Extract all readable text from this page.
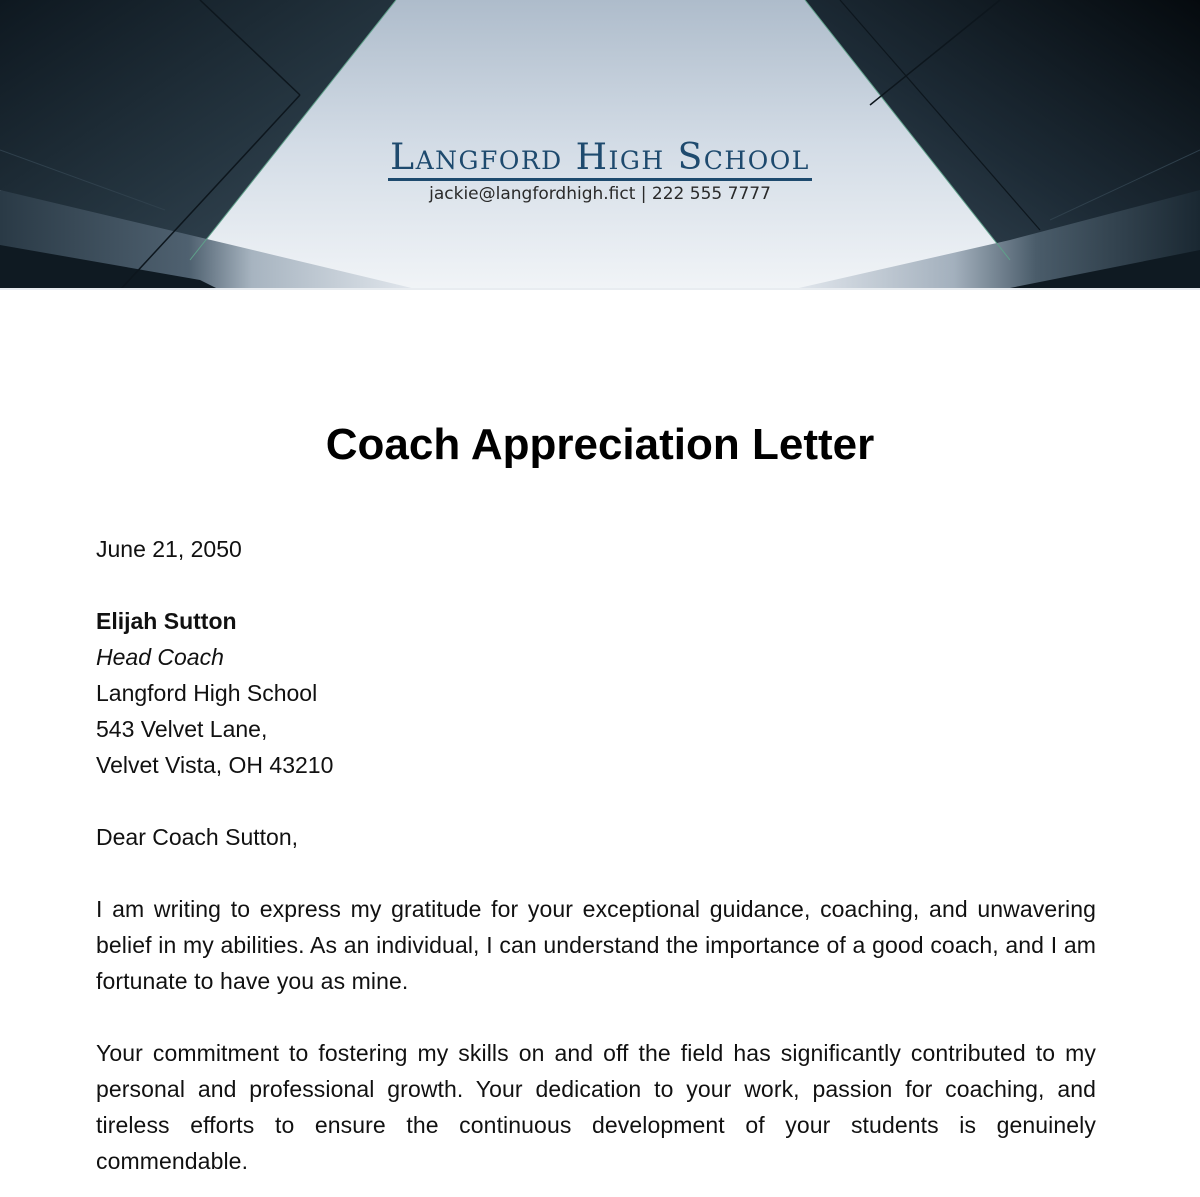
Langford High School
jackie@langfordhigh.fict | 222 555 7777
Coach Appreciation Letter

June 21, 2050

Elijah Sutton

Head Coach

Langford High School

543 Velvet Lane,

Velvet Vista, OH 43210

Dear Coach Sutton,

I am writing to express my gratitude for your exceptional guidance, coaching, and unwavering belief in my abilities. As an individual, I can understand the importance of a good coach, and I am fortunate to have you as mine.

Your commitment to fostering my skills on and off the field has significantly contributed to my personal and professional growth. Your dedication to your work, passion for coaching, and tireless efforts to ensure the continuous development of your students is genuinely commendable.
